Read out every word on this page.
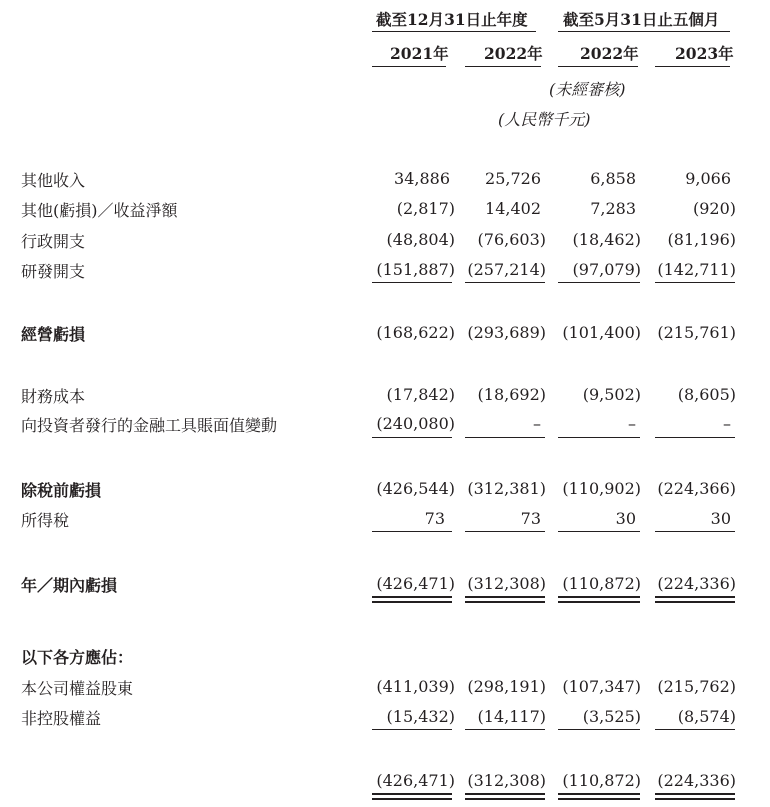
截至12月31日止年度 截至5月31日止五個月
2021年 2022年 2022年 2023年
(未經審核)
(人民幣千元)
其他收入	34,886	25,726	6,858	9,066
其他(虧損)／收益淨額	(2,817)	14,402	7,283	(920)
行政開支	(48,804)	(76,603)	(18,462)	(81,196)
研發開支	(151,887) (257,214)	(97,079)	(142,711)
經營虧損	(168,622) (293,689)	(101,400)	(215,761)
財務成本	(17,842)	(18,692)	(9,502)	(8,605)
向投資者發行的金融工具賬面值變動	(240,080)	–	–	–
除稅前虧損	(426,544) (312,381)	(110,902)	(224,366)
所得稅	73	73	30	30
年／期內虧損	(426,471) (312,308)	(110,872)	(224,336)
以下各方應佔：
本公司權益股東	(411,039) (298,191)	(107,347)	(215,762)
非控股權益	(15,432)	(14,117)	(3,525)	(8,574)
(426,471) (312,308)	(110,872)	(224,336)
